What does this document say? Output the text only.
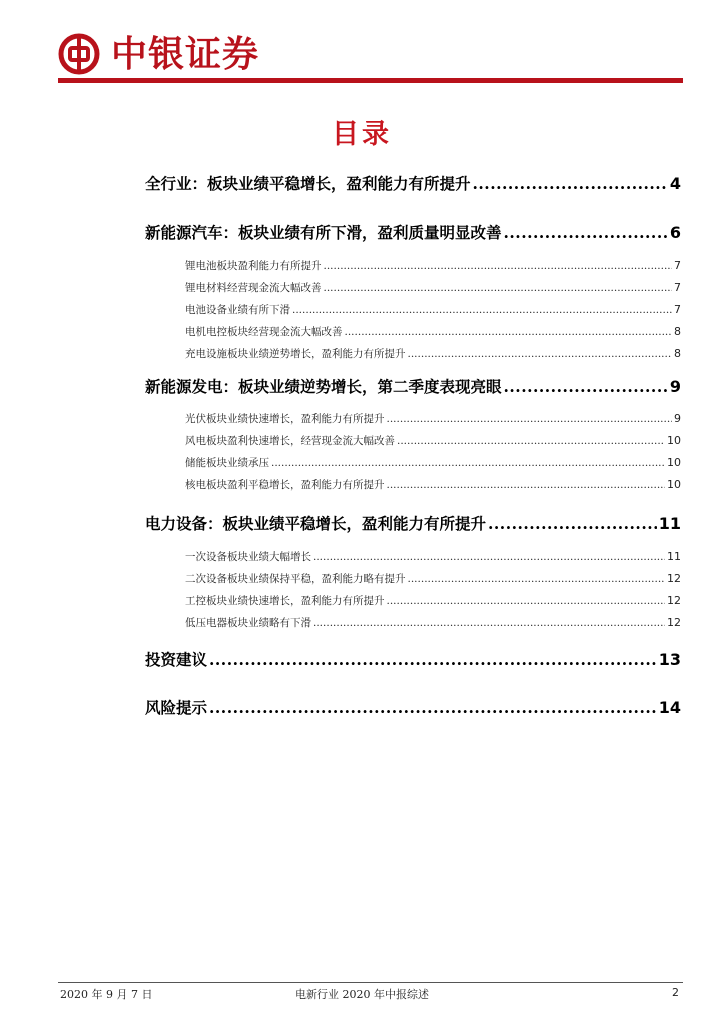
中银证券
目录
全行业：板块业绩平稳增长，盈利能力有所提升 .....	4
新能源汽车：板块业绩有所下滑，盈利质量明显改善 .....	6
锂电池板块盈利能力有所提升 .....	7
锂电材料经营现金流大幅改善 .....	7
电池设备业绩有所下滑 .....	7
电机电控板块经营现金流大幅改善 .....	8
充电设施板块业绩逆势增长，盈利能力有所提升 .....	8
新能源发电：板块业绩逆势增长，第二季度表现亮眼 .....	9
光伏板块业绩快速增长，盈利能力有所提升 .....	9
风电板块盈利快速增长，经营现金流大幅改善 .....	10
储能板块业绩承压 .....	10
核电板块盈利平稳增长，盈利能力有所提升 .....	10
电力设备：板块业绩平稳增长，盈利能力有所提升 .....	11
一次设备板块业绩大幅增长 .....	11
二次设备板块业绩保持平稳，盈利能力略有提升 .....	12
工控板块业绩快速增长，盈利能力有所提升 .....	12
低压电器板块业绩略有下滑 .....	12
投资建议 .....	13
风险提示 .....	14
2020 年 9 月 7 日	电新行业 2020 年中报综述	2
